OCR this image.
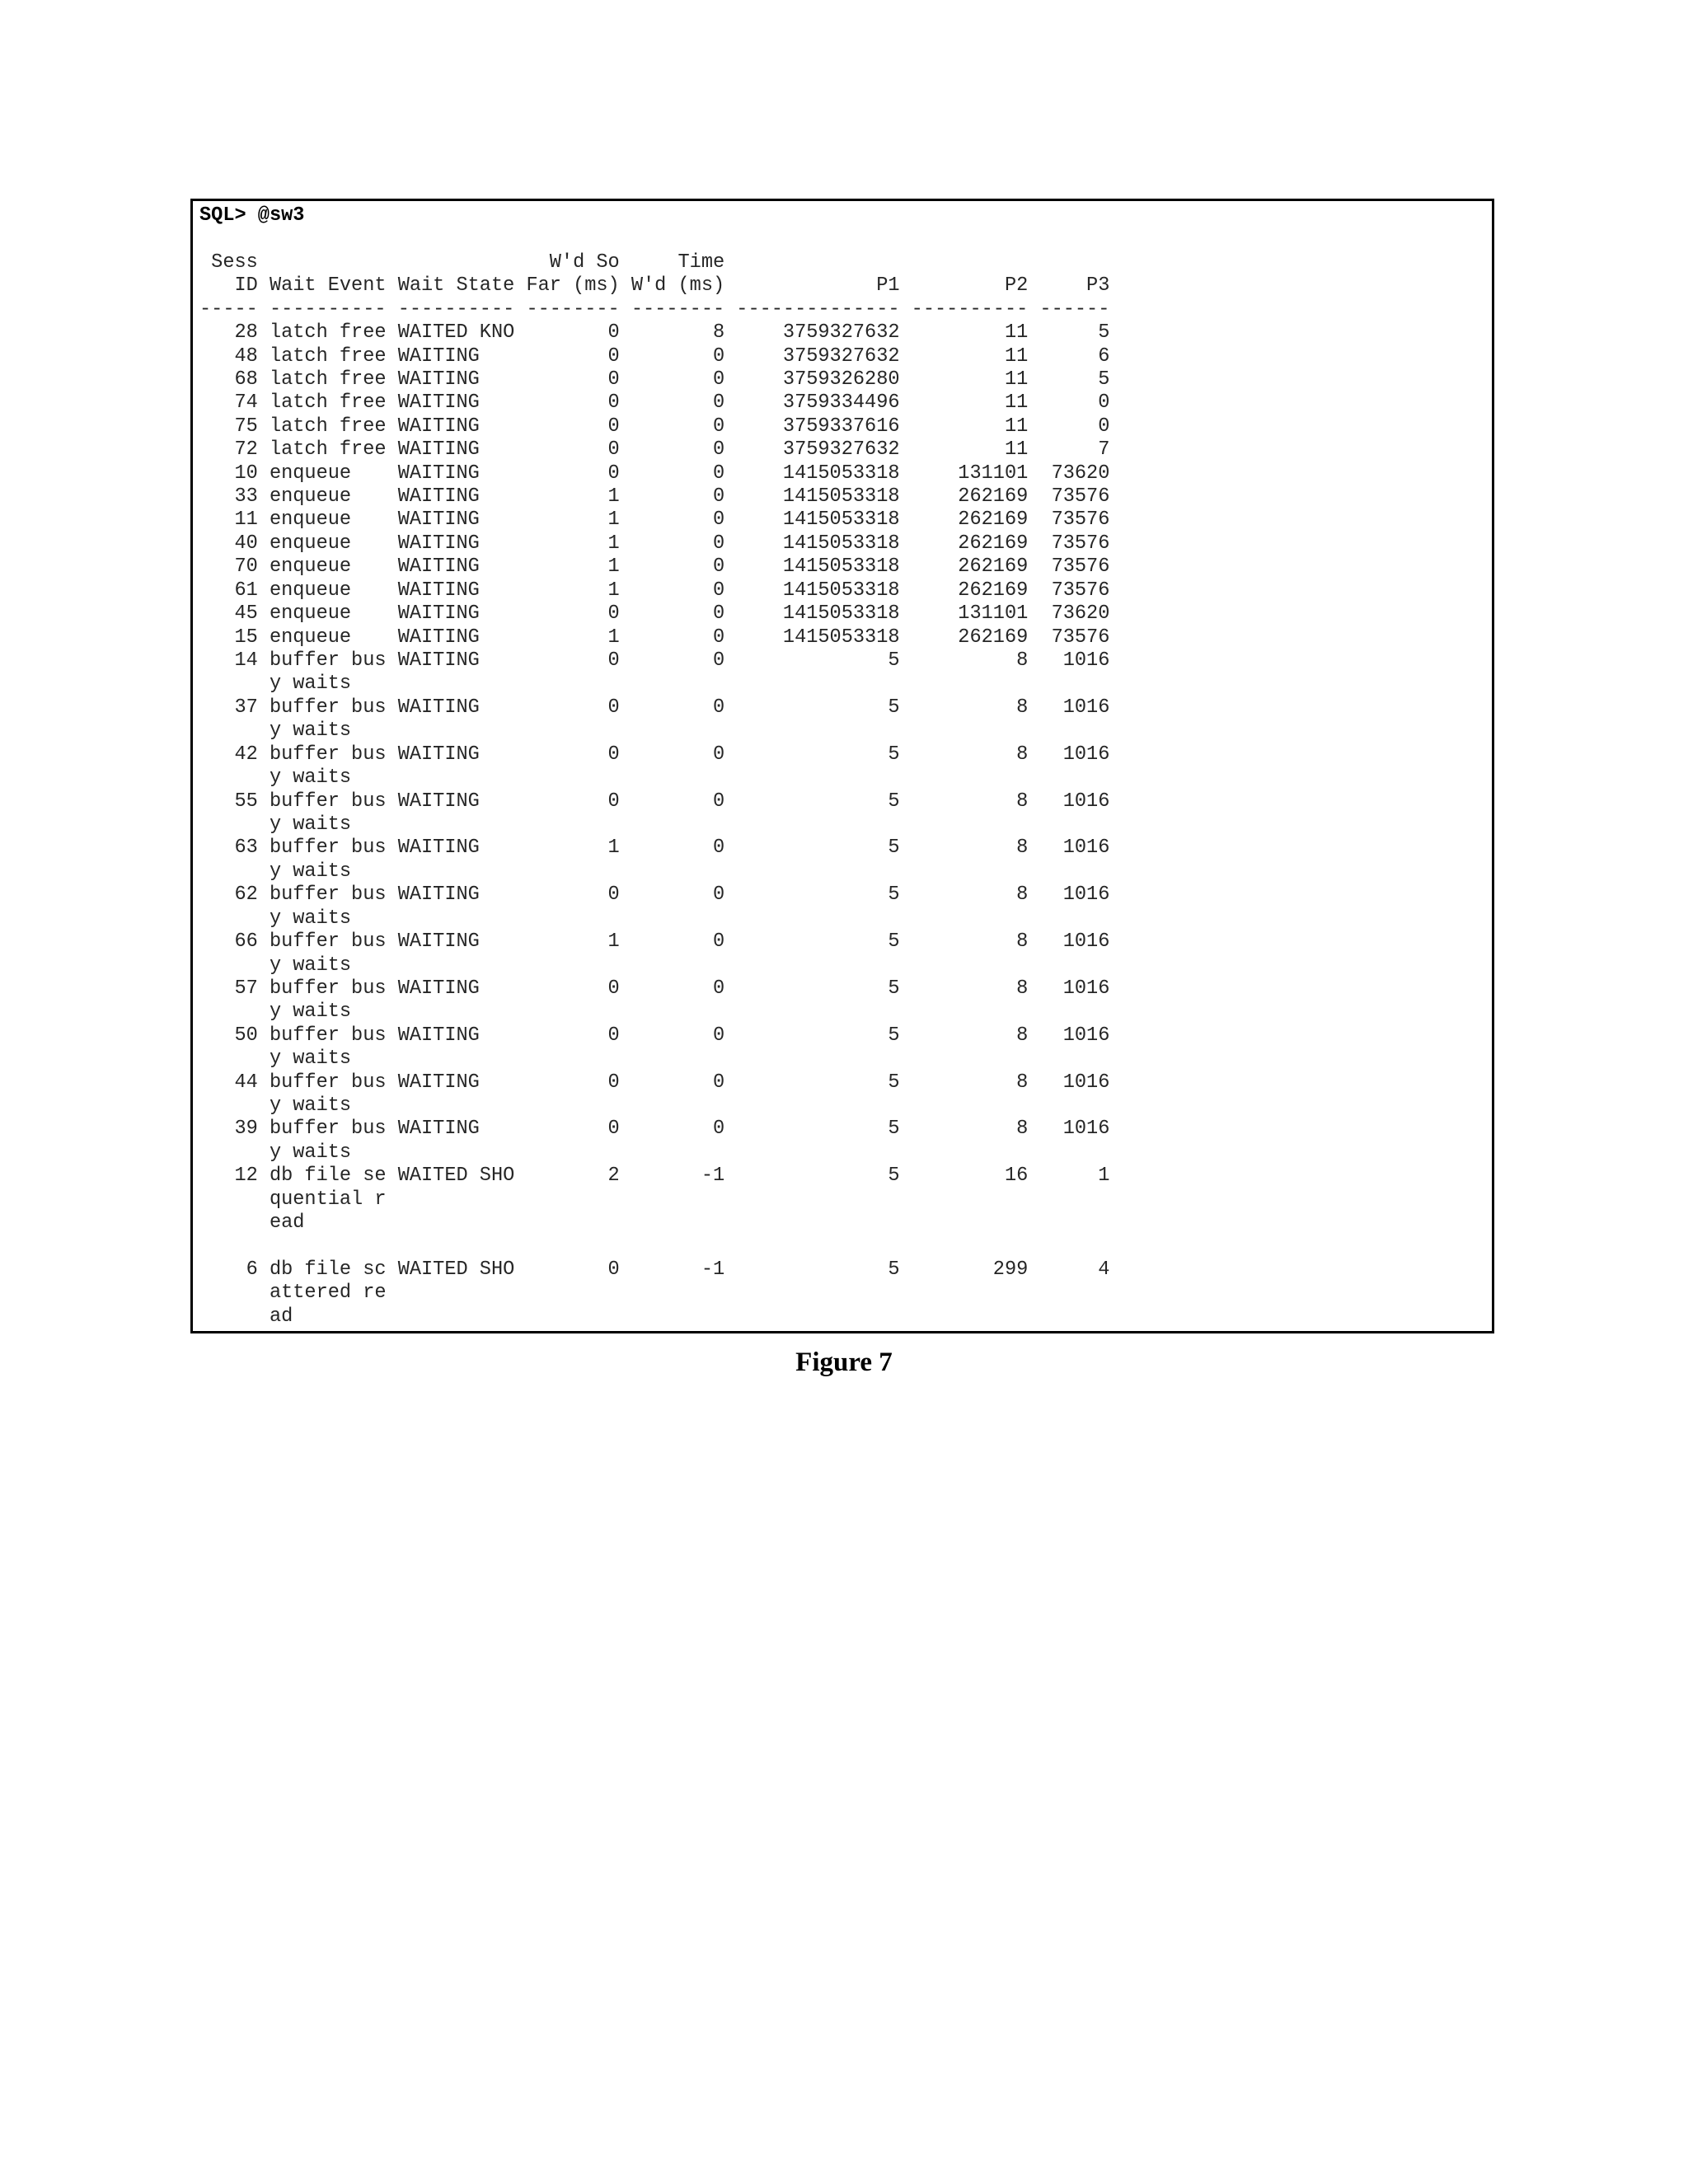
SQL> @sw3
Sess                         W'd So     Time
ID Wait Event Wait State Far (ms) W'd (ms)             P1         P2     P3
----- ---------- ---------- -------- -------- -------------- ---------- ------
28 latch free WAITED KNO        0        8     3759327632         11      5
48 latch free WAITING           0        0     3759327632         11      6
68 latch free WAITING           0        0     3759326280         11      5
74 latch free WAITING           0        0     3759334496         11      0
75 latch free WAITING           0        0     3759337616         11      0
72 latch free WAITING           0        0     3759327632         11      7
10 enqueue    WAITING           0        0     1415053318     131101  73620
33 enqueue    WAITING           1        0     1415053318     262169  73576
11 enqueue    WAITING           1        0     1415053318     262169  73576
40 enqueue    WAITING           1        0     1415053318     262169  73576
70 enqueue    WAITING           1        0     1415053318     262169  73576
61 enqueue    WAITING           1        0     1415053318     262169  73576
45 enqueue    WAITING           0        0     1415053318     131101  73620
15 enqueue    WAITING           1        0     1415053318     262169  73576
14 buffer bus WAITING           0        0              5          8   1016
y waits
37 buffer bus WAITING           0        0              5          8   1016
y waits
42 buffer bus WAITING           0        0              5          8   1016
y waits
55 buffer bus WAITING           0        0              5          8   1016
y waits
63 buffer bus WAITING           1        0              5          8   1016
y waits
62 buffer bus WAITING           0        0              5          8   1016
y waits
66 buffer bus WAITING           1        0              5          8   1016
y waits
57 buffer bus WAITING           0        0              5          8   1016
y waits
50 buffer bus WAITING           0        0              5          8   1016
y waits
44 buffer bus WAITING           0        0              5          8   1016
y waits
39 buffer bus WAITING           0        0              5          8   1016
y waits
12 db file se WAITED SHO        2       -1              5         16      1
quential r
ead
6 db file sc WAITED SHO        0       -1              5        299      4
attered re
ad
Figure 7
